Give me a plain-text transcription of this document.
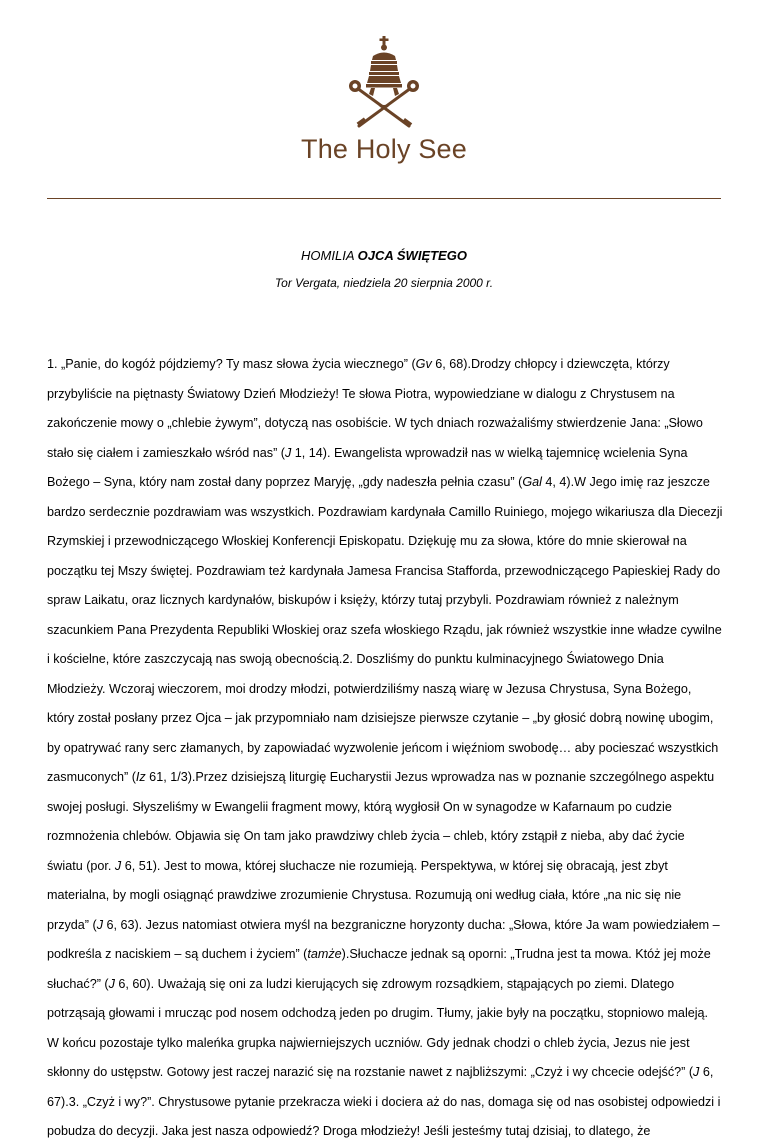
The Holy See
HOMILIA OJCA ŚWIĘTEGO
Tor Vergata, niedziela 20 sierpnia 2000 r.
1. „Panie, do kogóż pójdziemy? Ty masz słowa życia wiecznego” (Gv 6, 68).Drodzy chłopcy i dziewczęta, którzy
przybyliście na piętnasty Światowy Dzień Młodzieży! Te słowa Piotra, wypowiedziane w dialogu z Chrystusem na
zakończenie mowy o „chlebie żywym”, dotyczą nas osobiście. W tych dniach rozważaliśmy stwierdzenie Jana: „Słowo
stało się ciałem i zamieszkało wśród nas” (J 1, 14). Ewangelista wprowadził nas w wielką tajemnicę wcielenia Syna
Bożego – Syna, który nam został dany poprzez Maryję, „gdy nadeszła pełnia czasu” (Gal 4, 4).W Jego imię raz jeszcze
bardzo serdecznie pozdrawiam was wszystkich. Pozdrawiam kardynała Camillo Ruiniego, mojego wikariusza dla Diecezji
Rzymskiej i przewodniczącego Włoskiej Konferencji Episkopatu. Dziękuję mu za słowa, które do mnie skierował na
początku tej Mszy świętej. Pozdrawiam też kardynała Jamesa Francisa Stafforda, przewodniczącego Papieskiej Rady do
spraw Laikatu, oraz licznych kardynałów, biskupów i księży, którzy tutaj przybyli. Pozdrawiam również z należnym
szacunkiem Pana Prezydenta Republiki Włoskiej oraz szefa włoskiego Rządu, jak również wszystkie inne władze cywilne
i kościelne, które zaszczycają nas swoją obecnością.2. Doszliśmy do punktu kulminacyjnego Światowego Dnia
Młodzieży. Wczoraj wieczorem, moi drodzy młodzi, potwierdziliśmy naszą wiarę w Jezusa Chrystusa, Syna Bożego,
który został posłany przez Ojca – jak przypomniało nam dzisiejsze pierwsze czytanie – „by głosić dobrą nowinę ubogim,
by opatrywać rany serc złamanych, by zapowiadać wyzwolenie jeńcom i więźniom swobodę… aby pocieszać wszystkich
zasmuconych” (Iz 61, 1/3).Przez dzisiejszą liturgię Eucharystii Jezus wprowadza nas w poznanie szczególnego aspektu
swojej posługi. Słyszeliśmy w Ewangelii fragment mowy, którą wygłosił On w synagodze w Kafarnaum po cudzie
rozmnożenia chlebów. Objawia się On tam jako prawdziwy chleb życia – chleb, który zstąpił z nieba, aby dać życie
światu (por. J 6, 51). Jest to mowa, której słuchacze nie rozumieją. Perspektywa, w której się obracają, jest zbyt
materialna, by mogli osiągnąć prawdziwe zrozumienie Chrystusa. Rozumują oni według ciała, które „na nic się nie
przyda” (J 6, 63). Jezus natomiast otwiera myśl na bezgraniczne horyzonty ducha: „Słowa, które Ja wam powiedziałem –
podkreśla z naciskiem – są duchem i życiem” (tamże).Słuchacze jednak są oporni: „Trudna jest ta mowa. Któż jej może
słuchać?” (J 6, 60). Uważają się oni za ludzi kierujących się zdrowym rozsądkiem, stąpających po ziemi. Dlatego
potrząsają głowami i mrucząc pod nosem odchodzą jeden po drugim. Tłumy, jakie były na początku, stopniowo maleją.
W końcu pozostaje tylko maleńka grupka najwierniejszych uczniów. Gdy jednak chodzi o chleb życia, Jezus nie jest
skłonny do ustępstw. Gotowy jest raczej narazić się na rozstanie nawet z najbliższymi: „Czyż i wy chcecie odejść?” (J 6,
67).3. „Czyż i wy?”. Chrystusowe pytanie przekracza wieki i dociera aż do nas, domaga się od nas osobistej odpowiedzi i
pobudza do decyzji. Jaka jest nasza odpowiedź? Droga młodzieży! Jeśli jesteśmy tutaj dzisiaj, to dlatego, że
